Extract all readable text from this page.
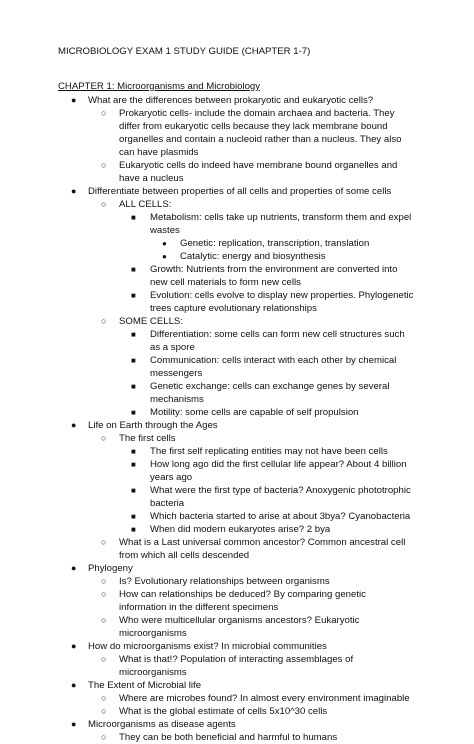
MICROBIOLOGY EXAM 1 STUDY GUIDE (CHAPTER 1-7)
CHAPTER 1: Microorganisms and Microbiology
● What are the differences between prokaryotic and eukaryotic cells?
○ Prokaryotic cells- include the domain archaea and bacteria. They differ from eukaryotic cells because they lack membrane bound organelles and contain a nucleoid rather than a nucleus. They also can have plasmids
○ Eukaryotic cells do indeed have membrane bound organelles and have a nucleus
● Differentiate between properties of all cells and properties of some cells
○ ALL CELLS:
■ Metabolism: cells take up nutrients, transform them and expel wastes
● Genetic: replication, transcription, translation
● Catalytic: energy and biosynthesis
■ Growth: Nutrients from the environment are converted into new cell materials to form new cells
■ Evolution: cells evolve to display new properties. Phylogenetic trees capture evolutionary relationships
○ SOME CELLS:
■ Differentiation: some cells can form new cell structures such as a spore
■ Communication: cells interact with each other by chemical messengers
■ Genetic exchange: cells can exchange genes by several mechanisms
■ Motility: some cells are capable of self propulsion
● Life on Earth through the Ages
○ The first cells
■ The first self replicating entities may not have been cells
■ How long ago did the first cellular life appear? About 4 billion years ago
■ What were the first type of bacteria? Anoxygenic phototrophic bacteria
■ Which bacteria started to arise at about 3bya? Cyanobacteria
■ When did modern eukaryotes arise? 2 bya
○ What is a Last universal common ancestor? Common ancestral cell from which all cells descended
● Phylogeny
○ Is? Evolutionary relationships between organisms
○ How can relationships be deduced? By comparing genetic information in the different specimens
○ Who were multicellular organisms ancestors? Eukaryotic microorganisms
● How do microorganisms exist? In microbial communities
○ What is that!? Population of interacting assemblages of microorganisms
● The Extent of Microbial life
○ Where are microbes found? In almost every environment imaginable
○ What is the global estimate of cells 5x10^30 cells
● Microorganisms as disease agents
○ They can be both beneficial and harmful to humans
